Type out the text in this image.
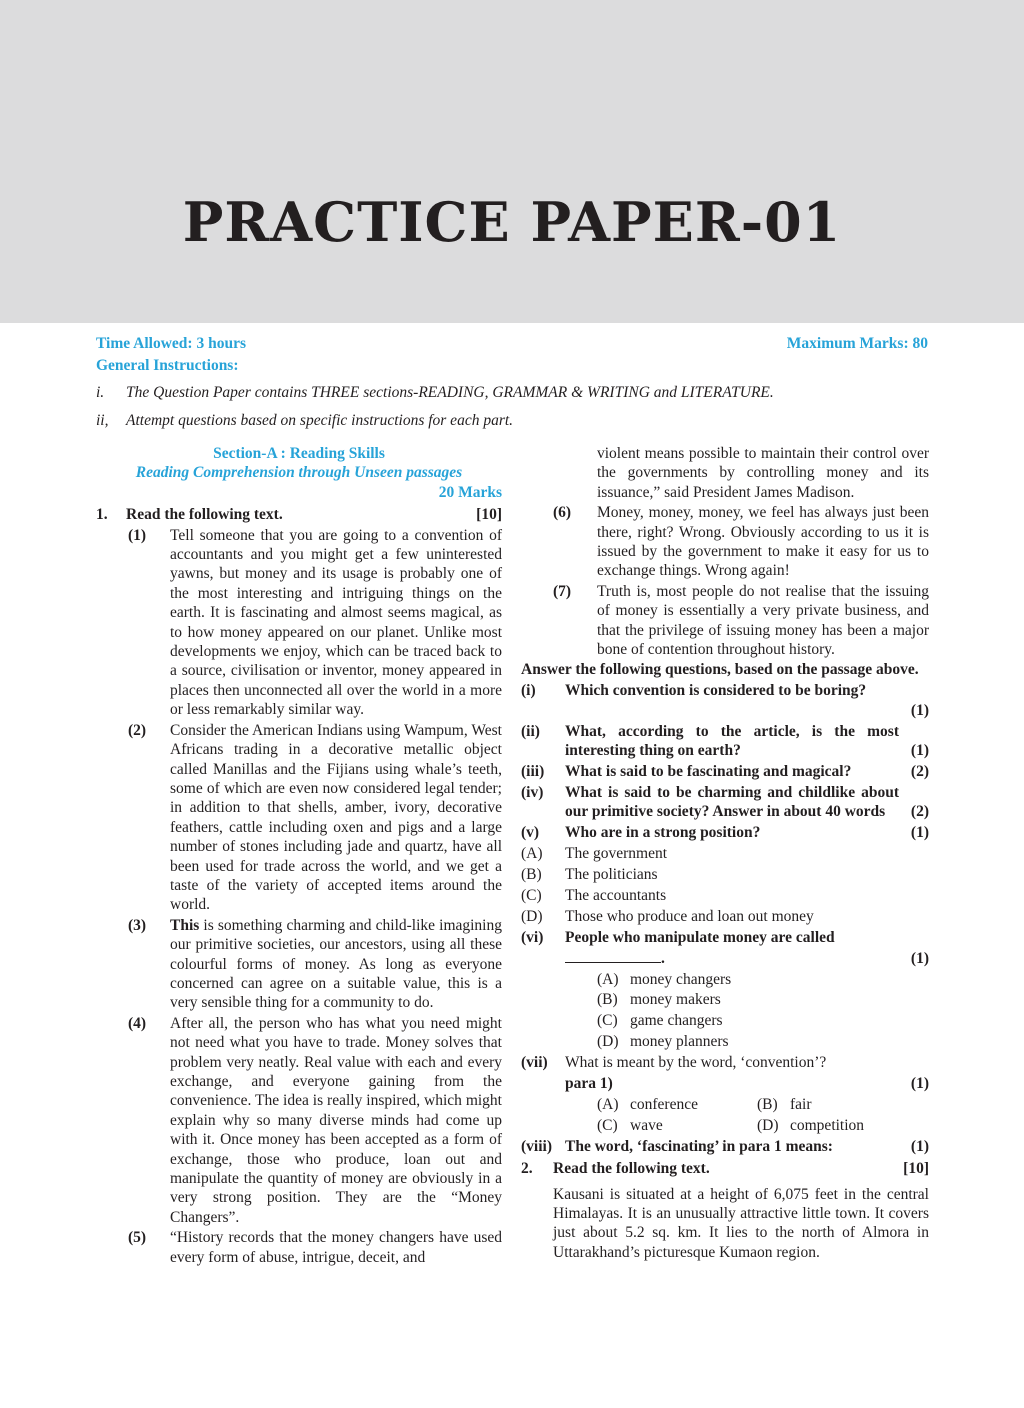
PRACTICE PAPER-01
Time Allowed: 3 hours	Maximum Marks: 80
General Instructions:
i. The Question Paper contains THREE sections-READING, GRAMMAR & WRITING and LITERATURE.
ii, Attempt questions based on specific instructions for each part.
Section-A : Reading Skills
Reading Comprehension through Unseen passages
20 Marks
1.	Read the following text.	[10]
(1)	Tell someone that you are going to a convention of accountants and you might get a few uninterested yawns, but money and its usage is probably one of the most interesting and intriguing things on the earth. It is fascinating and almost seems magical, as to how money appeared on our planet. Unlike most developments we enjoy, which can be traced back to a source, civilisation or inventor, money appeared in places then unconnected all over the world in a more or less remarkably similar way.
(2)	Consider the American Indians using Wampum, West Africans trading in a decorative metallic object called Manillas and the Fijians using whale’s teeth, some of which are even now considered legal tender; in addition to that shells, amber, ivory, decorative feathers, cattle including oxen and pigs and a large number of stones including jade and quartz, have all been used for trade across the world, and we get a taste of the variety of accepted items around the world.
(3)	This is something charming and child-like imagining our primitive societies, our ancestors, using all these colourful forms of money. As long as everyone concerned can agree on a suitable value, this is a very sensible thing for a community to do.
(4)	After all, the person who has what you need might not need what you have to trade. Money solves that problem very neatly. Real value with each and every exchange, and everyone gaining from the convenience. The idea is really inspired, which might explain why so many diverse minds had come up with it. Once money has been accepted as a form of exchange, those who produce, loan out and manipulate the quantity of money are obviously in a very strong position. They are the “Money Changers”.
(5)	“History records that the money changers have used every form of abuse, intrigue, deceit, and
violent means possible to maintain their control over the governments by controlling money and its issuance,” said President James Madison.
(6)	Money, money, money, we feel has always just been there, right? Wrong. Obviously according to us it is issued by the government to make it easy for us to exchange things. Wrong again!
(7)	Truth is, most people do not realise that the issuing of money is essentially a very private business, and that the privilege of issuing money has been a major bone of contention throughout history.
Answer the following questions, based on the passage above.
(i)	Which convention is considered to be boring?
(1)
(ii)	What, according to the article, is the most interesting thing on earth?	(1)
(iii)	What is said to be fascinating and magical?	(2)
(iv)	What is said to be charming and childlike about our primitive society? Answer in about 40 words	(2)
(v)	Who are in a strong position?	(1)
(A)	The government
(B)	The politicians
(C)	The accountants
(D)	Those who produce and loan out money
(vi)	People who manipulate money are called
.	(1)
(A) money changers
(B) money makers
(C) game changers
(D) money planners
(vii)	What is meant by the word, ‘convention’?
para 1)	(1)
(A) conference	(B) fair
(C) wave	(D) competition
(viii) The word, ‘fascinating’ in para 1 means:	(1)
2.	Read the following text.	[10]
Kausani is situated at a height of 6,075 feet in the central Himalayas. It is an unusually attractive little town. It covers just about 5.2 sq. km. It lies to the north of Almora in Uttarakhand’s picturesque Kumaon region.
